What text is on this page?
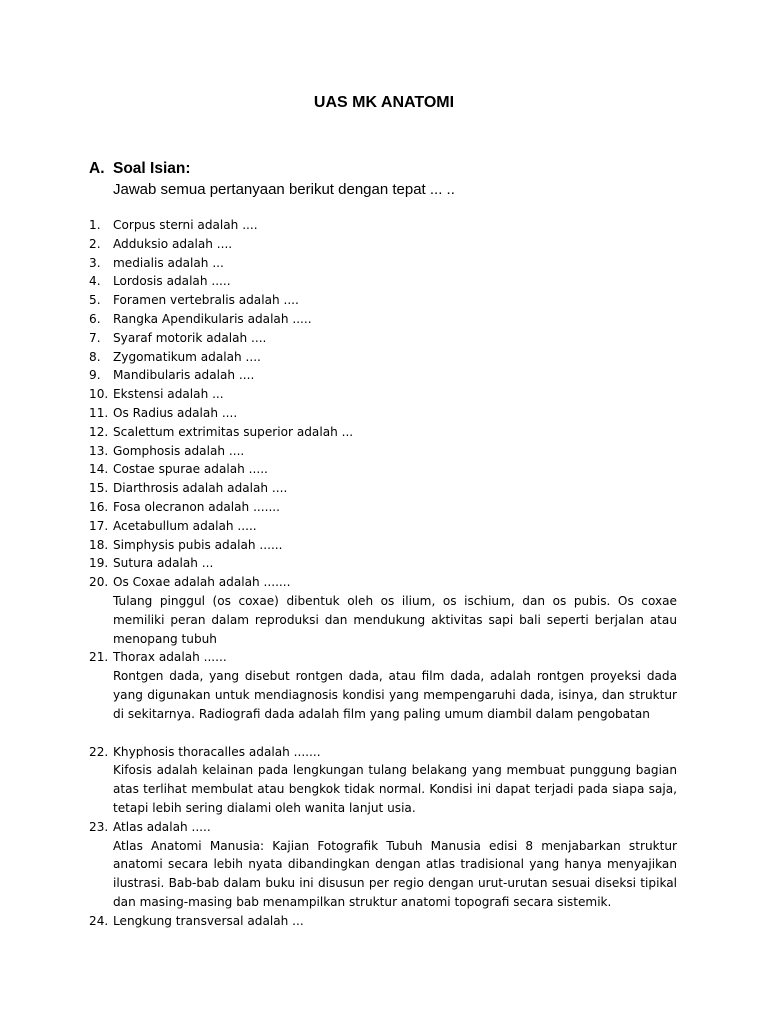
UAS MK ANATOMI
A. Soal Isian:
Jawab semua pertanyaan berikut dengan tepat ... ..
1.	Corpus sterni adalah ....
2.	Adduksio adalah ....
3.	medialis adalah ...
4.	Lordosis adalah .....
5.	Foramen vertebralis adalah ....
6.	Rangka Apendikularis adalah .....
7.	Syaraf motorik adalah ....
8.	Zygomatikum adalah ....
9.	Mandibularis adalah ....
10. Ekstensi adalah ...
11. Os Radius adalah ....
12. Scalettum extrimitas superior adalah ...
13. Gomphosis adalah ....
14. Costae spurae adalah .....
15. Diarthrosis adalah adalah ....
16. Fosa olecranon adalah .......
17. Acetabullum adalah .....
18. Simphysis pubis adalah ......
19. Sutura adalah ...
20. Os Coxae adalah adalah .......
Tulang pinggul (os coxae) dibentuk oleh os ilium, os ischium, dan os pubis. Os coxae memiliki peran dalam reproduksi dan mendukung aktivitas sapi bali seperti berjalan atau menopang tubuh
21. Thorax adalah ......
Rontgen dada, yang disebut rontgen dada, atau film dada, adalah rontgen proyeksi dada yang digunakan untuk mendiagnosis kondisi yang mempengaruhi dada, isinya, dan struktur di sekitarnya. Radiografi dada adalah film yang paling umum diambil dalam pengobatan
22. Khyphosis thoracalles adalah .......
Kifosis adalah kelainan pada lengkungan tulang belakang yang membuat punggung bagian atas terlihat membulat atau bengkok tidak normal. Kondisi ini dapat terjadi pada siapa saja, tetapi lebih sering dialami oleh wanita lanjut usia.
23. Atlas adalah .....
Atlas Anatomi Manusia: Kajian Fotografik Tubuh Manusia edisi 8 menjabarkan struktur anatomi secara lebih nyata dibandingkan dengan atlas tradisional yang hanya menyajikan ilustrasi. Bab-bab dalam buku ini disusun per regio dengan urut-urutan sesuai diseksi tipikal dan masing-masing bab menampilkan struktur anatomi topografi secara sistemik.
24. Lengkung transversal adalah ...
